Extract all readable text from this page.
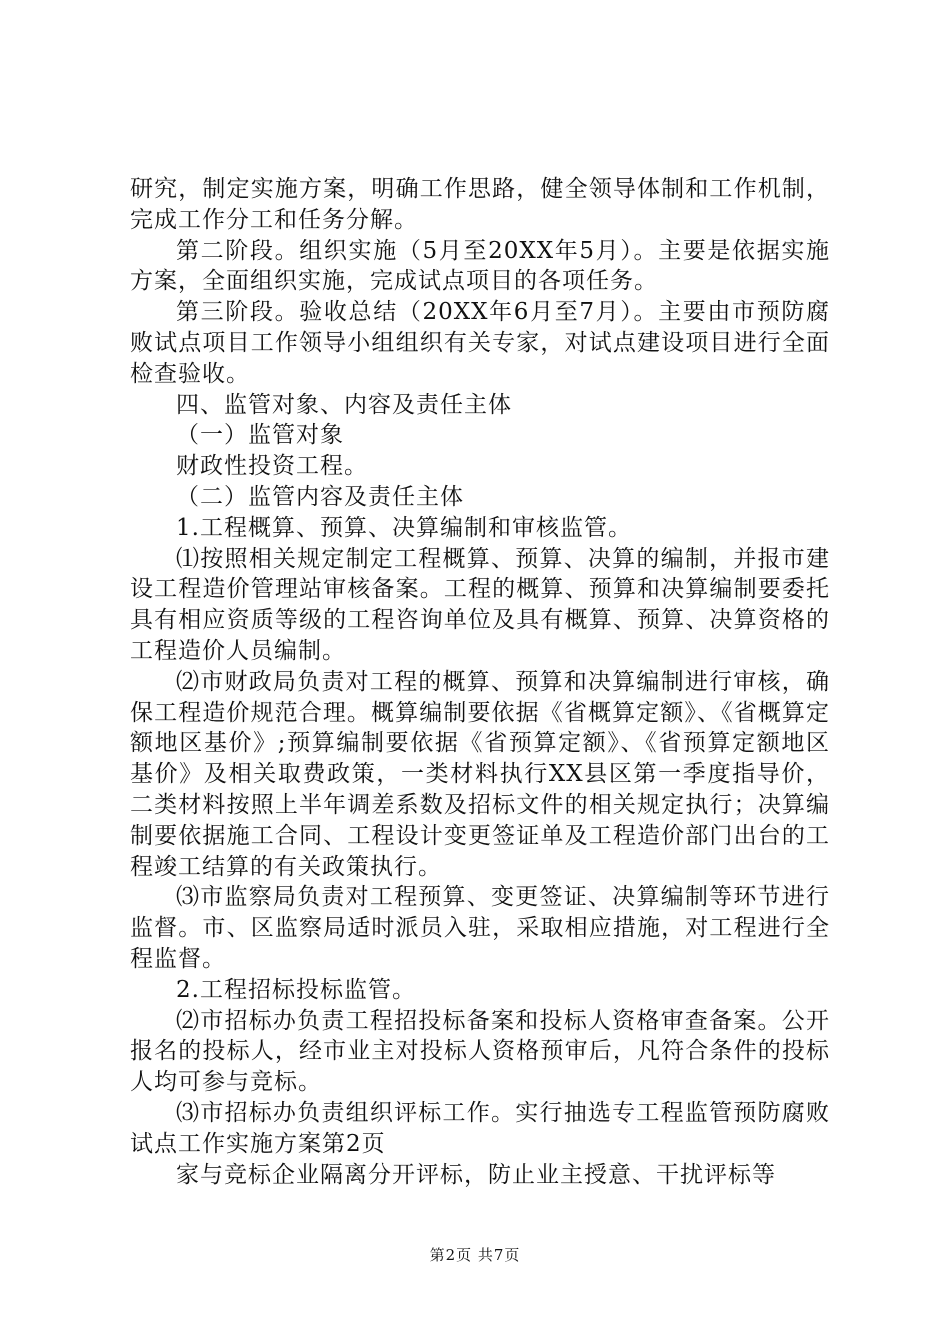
研究，制定实施方案，明确工作思路，健全领导体制和工作机制，完成工作分工和任务分解。

第二阶段。组织实施（5月至20XX年5月）。主要是依据实施方案，全面组织实施，完成试点项目的各项任务。

第三阶段。验收总结（20XX年6月至7月）。主要由市预防腐败试点项目工作领导小组组织有关专家，对试点建设项目进行全面检查验收。

四、监管对象、内容及责任主体

（一）监管对象

财政性投资工程。

（二）监管内容及责任主体

1.工程概算、预算、决算编制和审核监管。

⑴按照相关规定制定工程概算、预算、决算的编制，并报市建设工程造价管理站审核备案。工程的概算、预算和决算编制要委托具有相应资质等级的工程咨询单位及具有概算、预算、决算资格的工程造价人员编制。

⑵市财政局负责对工程的概算、预算和决算编制进行审核，确保工程造价规范合理。概算编制要依据《省概算定额》、《省概算定额地区基价》;预算编制要依据《省预算定额》、《省预算定额地区基价》及相关取费政策，一类材料执行XX县区第一季度指导价，二类材料按照上半年调差系数及招标文件的相关规定执行；决算编制要依据施工合同、工程设计变更签证单及工程造价部门出台的工程竣工结算的有关政策执行。

⑶市监察局负责对工程预算、变更签证、决算编制等环节进行监督。市、区监察局适时派员入驻，采取相应措施，对工程进行全程监督。

2.工程招标投标监管。

⑵市招标办负责工程招投标备案和投标人资格审查备案。公开报名的投标人，经市业主对投标人资格预审后，凡符合条件的投标人均可参与竞标。

⑶市招标办负责组织评标工作。实行抽选专工程监管预防腐败试点工作实施方案第2页

家与竞标企业隔离分开评标，防止业主授意、干扰评标等

第2页 共7页
